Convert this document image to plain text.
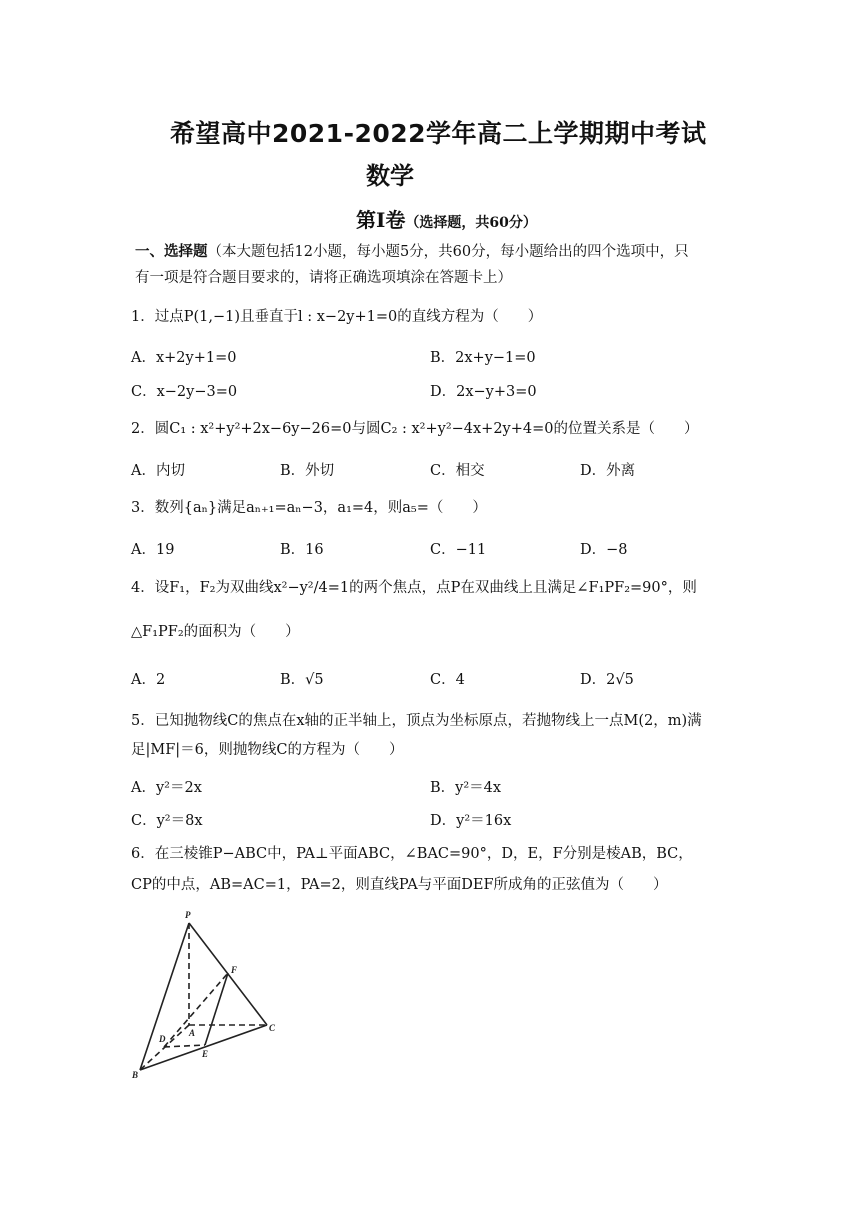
希望高中2021-2022学年高二上学期期中考试
数学
第I卷（选择题，共60分）
一、选择题（本大题包括12小题，每小题5分，共60分，每小题给出的四个选项中，只
有一项是符合题目要求的，请将正确选项填涂在答题卡上）
1．过点P(1,−1)且垂直于l : x−2y+1=0的直线方程为（　　）
A．x+2y+1=0	B．2x+y−1=0
C．x−2y−3=0	D．2x−y+3=0
2．圆C₁ : x²+y²+2x−6y−26=0与圆C₂ : x²+y²−4x+2y+4=0的位置关系是（　　）
A．内切	B．外切	C．相交	D．外离
3．数列{aₙ}满足aₙ₊₁=aₙ−3，a₁=4，则a₅=（　　）
A．19	B．16	C．−11	D．−8
4．设F₁，F₂为双曲线x²−y²/4=1的两个焦点，点P在双曲线上且满足∠F₁PF₂=90°，则
△F₁PF₂的面积为（　　）
A．2	B．√5	C．4	D．2√5
5．已知抛物线C的焦点在x轴的正半轴上，顶点为坐标原点，若抛物线上一点M(2，m)满
足|MF|＝6，则抛物线C的方程为（　　）
A．y²＝2x	B．y²＝4x
C．y²＝8x	D．y²＝16x
6．在三棱锥P−ABC中，PA⊥平面ABC，∠BAC=90°，D，E，F分别是棱AB，BC，
CP的中点，AB=AC=1，PA=2，则直线PA与平面DEF所成角的正弦值为（　　）
P
F
A	C
D
E
B
